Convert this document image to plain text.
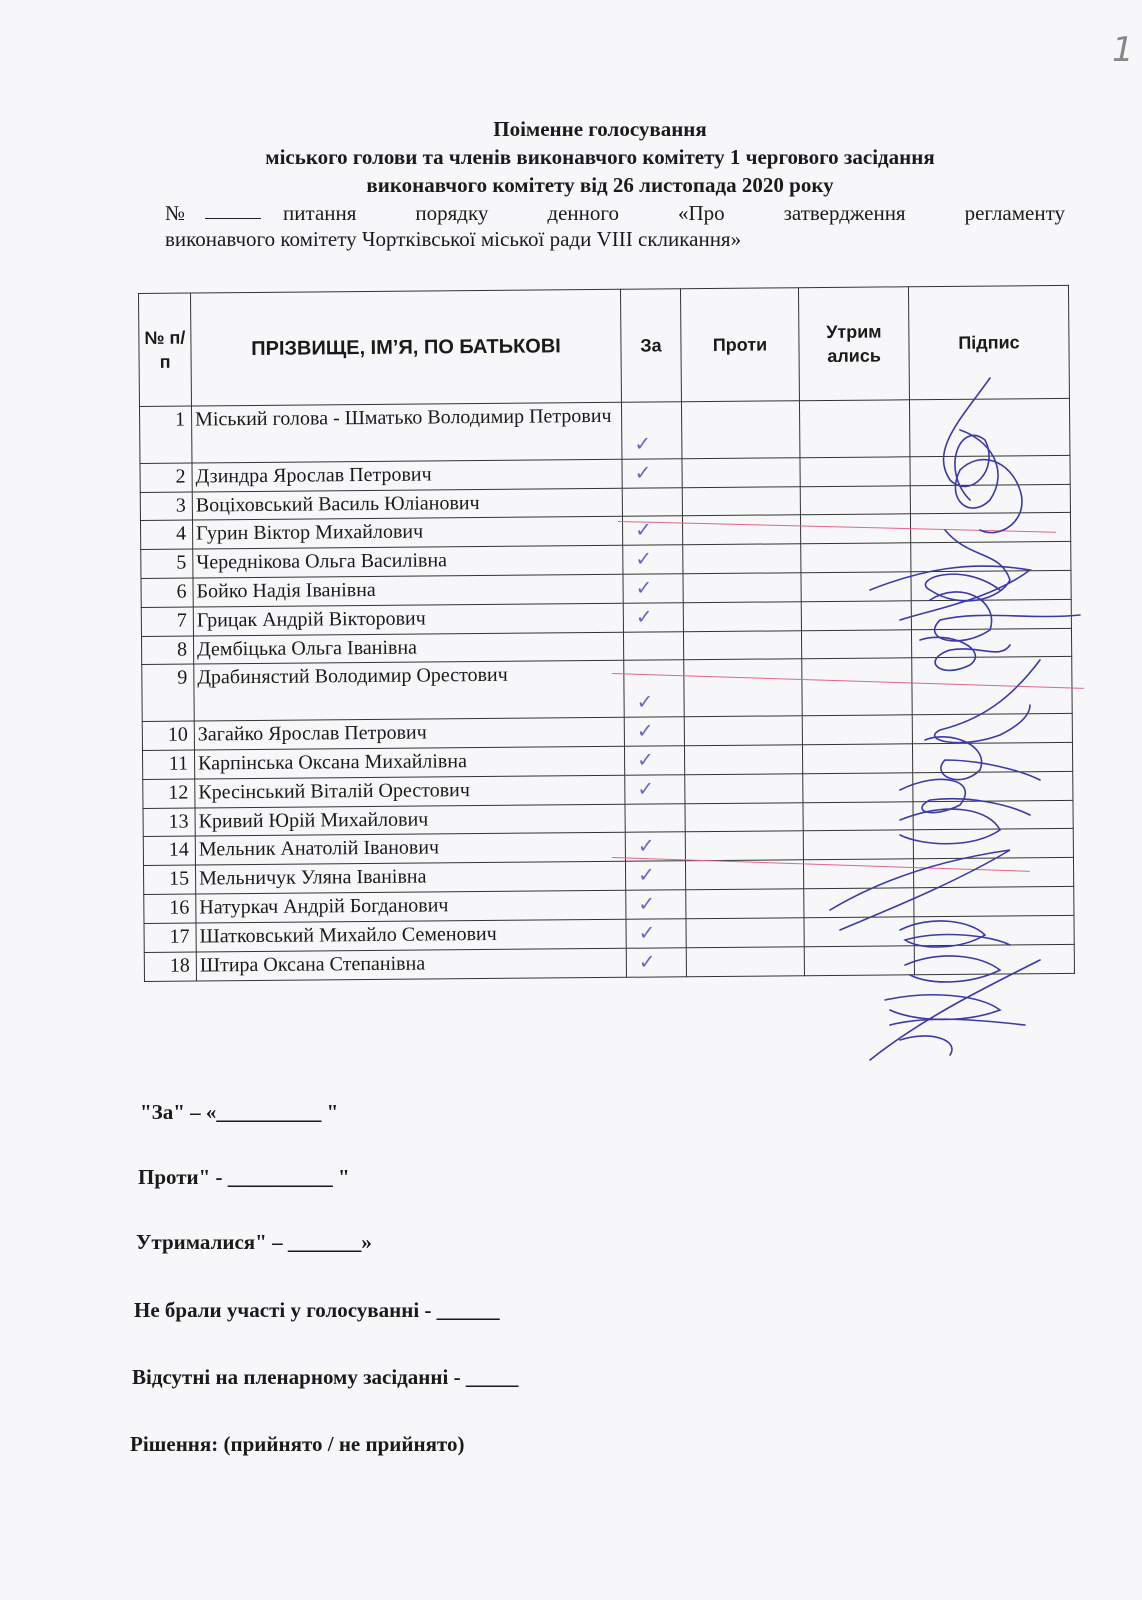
1
Поіменне голосування
міського голови та членів виконавчого комітету 1 чергового засідання
виконавчого комітету від 26 листопада 2020 року
№	питання порядку денного «Про затвердження регламенту
виконавчого комітету Чортківської міської ради VIII скликання»
№ п/п	ПРІЗВИЩЕ, ІМ’Я, ПО БАТЬКОВІ	За	Проти	Утрим ались	Підпис
1	Міський голова - Шматько Володимир Петрович	✓			
2	Дзиндра Ярослав Петрович	✓			
3	Воціховський Василь Юліанович				
4	Гурин Віктор Михайлович	✓			
5	Череднікова Ольга Василівна	✓			
6	Бойко Надія Іванівна	✓			
7	Грицак Андрій Вікторович	✓			
8	Дембіцька Ольга Іванівна				
9	Драбинястий Володимир Орестович	✓			
10	Загайко Ярослав Петрович	✓			
11	Карпінська Оксана Михайлівна	✓			
12	Кресінський Віталій Орестович	✓			
13	Кривий Юрій Михайлович				
14	Мельник Анатолій Іванович	✓			
15	Мельничук Уляна Іванівна	✓			
16	Натуркач Андрій Богданович	✓			
17	Шатковський Михайло Семенович	✓			
18	Штира Оксана Степанівна	✓			
"За" – «__________ "
Проти" - __________ "
Утрималися" – _______»
Не брали участі у голосуванні - ______
Відсутні на пленарному засіданні - _____
Рішення: (прийнято / не прийнято)
